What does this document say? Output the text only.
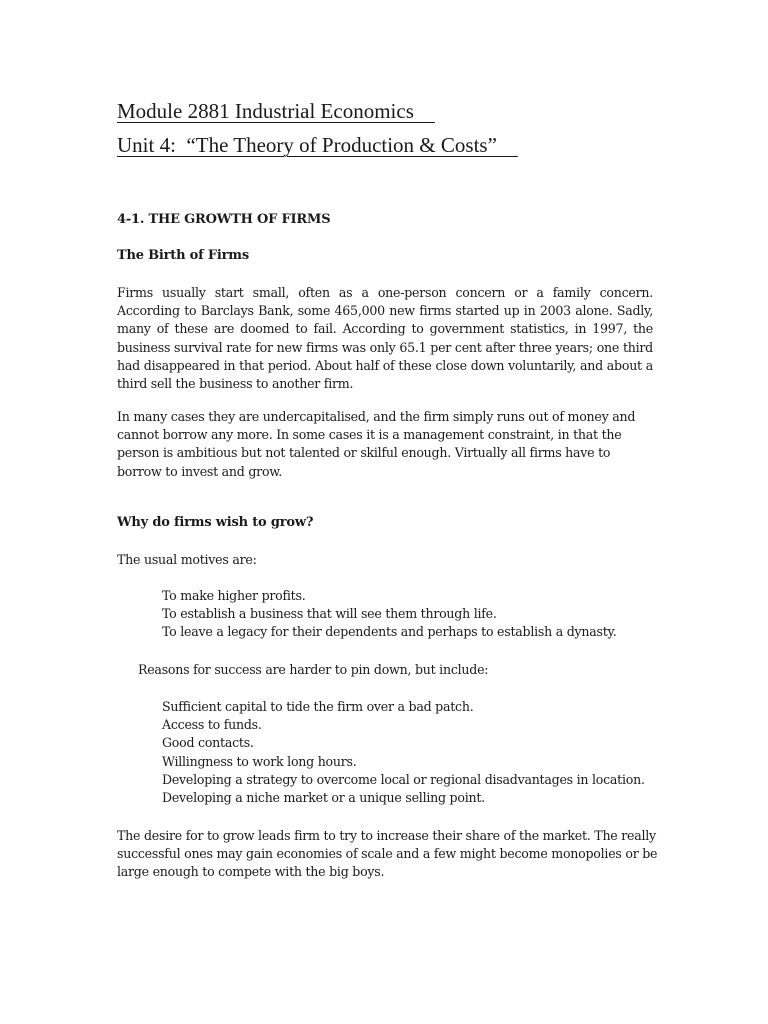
Module 2881 Industrial Economics
Unit 4:  “The Theory of Production & Costs”
4-1. THE GROWTH OF FIRMS
The Birth of Firms

Firms usually start small, often as a one-person concern or a family concern.
According to Barclays Bank, some 465,000 new firms started up in 2003 alone. Sadly,
many of these are doomed to fail. According to government statistics, in 1997, the
business survival rate for new firms was only 65.1 per cent after three years; one third
had disappeared in that period. About half of these close down voluntarily, and about a
third sell the business to another firm.

In many cases they are undercapitalised, and the firm simply runs out of money and
cannot borrow any more. In some cases it is a management constraint, in that the
person is ambitious but not talented or skilful enough. Virtually all firms have to
borrow to invest and grow.

Why do firms wish to grow?

The usual motives are:

To make higher profits.
To establish a business that will see them through life.
To leave a legacy for their dependents and perhaps to establish a dynasty.

Reasons for success are harder to pin down, but include:

Sufficient capital to tide the firm over a bad patch.
Access to funds.
Good contacts.
Willingness to work long hours.
Developing a strategy to overcome local or regional disadvantages in location.
Developing a niche market or a unique selling point.

The desire for to grow leads firm to try to increase their share of the market. The really
successful ones may gain economies of scale and a few might become monopolies or be
large enough to compete with the big boys.
